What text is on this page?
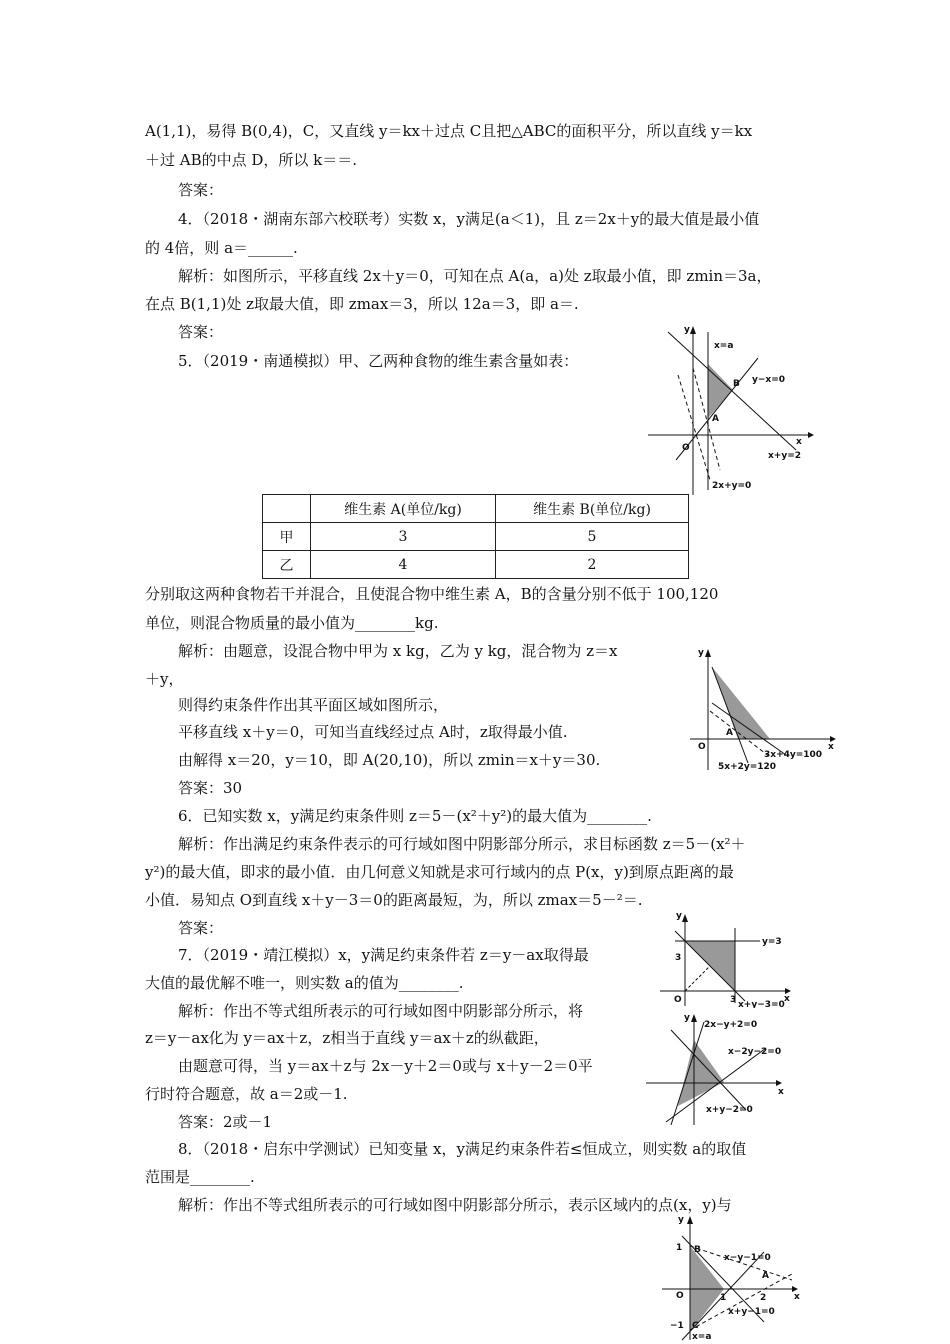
A(1,1)，易得 B(0,4)，C，又直线 y＝kx＋过点 C且把△ABC的面积平分，所以直线 y＝kx
＋过 AB的中点 D，所以 k＝＝.
答案：
4．（2018・湖南东部六校联考）实数 x，y满足(a＜1)，且 z＝2x＋y的最大值是最小值
的 4倍，则 a＝______.
解析：如图所示，平移直线 2x＋y＝0，可知在点 A(a，a)处 z取最小值，即 zmin＝3a，
在点 B(1,1)处 z取最大值，即 zmax＝3，所以 12a＝3，即 a＝.
答案：
5．（2019・南通模拟）甲、乙两种食物的维生素含量如表：
	维生素 A(单位/kg)	维生素 B(单位/kg)
甲	3	5
乙	4	2
分别取这两种食物若干并混合，且使混合物中维生素 A，B的含量分别不低于 100,120
单位，则混合物质量的最小值为________kg.
解析：由题意，设混合物中甲为 x kg，乙为 y kg，混合物为 z＝x
＋y，
则得约束条件作出其平面区域如图所示，
平移直线 x＋y＝0，可知当直线经过点 A时，z取得最小值.
由解得 x＝20，y＝10，即 A(20,10)，所以 zmin＝x＋y＝30.
答案：30
6．已知实数 x，y满足约束条件则 z＝5－(x²＋y²)的最大值为________.
解析：作出满足约束条件表示的可行域如图中阴影部分所示，求目标函数 z＝5－(x²＋
y²)的最大值，即求的最小值．由几何意义知就是求可行域内的点 P(x，y)到原点距离的最
小值．易知点 O到直线 x＋y－3＝0的距离最短，为，所以 zmax＝5－²＝.
答案：
7．（2019・靖江模拟）x，y满足约束条件若 z＝y－ax取得最
大值的最优解不唯一，则实数 a的值为________.
解析：作出不等式组所表示的可行域如图中阴影部分所示，将
z＝y－ax化为 y＝ax＋z，z相当于直线 y＝ax＋z的纵截距，
由题意可得，当 y＝ax＋z与 2x－y＋2＝0或与 x＋y－2＝0平
行时符合题意，故 a＝2或－1.
答案：2或－1
8．（2018・启东中学测试）已知变量 x，y满足约束条件若≤恒成立，则实数 a的取值
范围是________.
解析：作出不等式组所表示的可行域如图中阴影部分所示，表示区域内的点(x，y)与
y
x
O
x=a
B y−x=0
A
x+y=2
2x+y=0
y
x
O
A
3x+4y=100
5x+2y=120
y
x
O
3
3
y=3
x+y−3=0
y
x
2x−y+2=0
x−2y−2=0
x+y−2=0
y
x
O
1 B
x−y−1=0
A
1	2
x+y−1=0
−1 C
x=a
